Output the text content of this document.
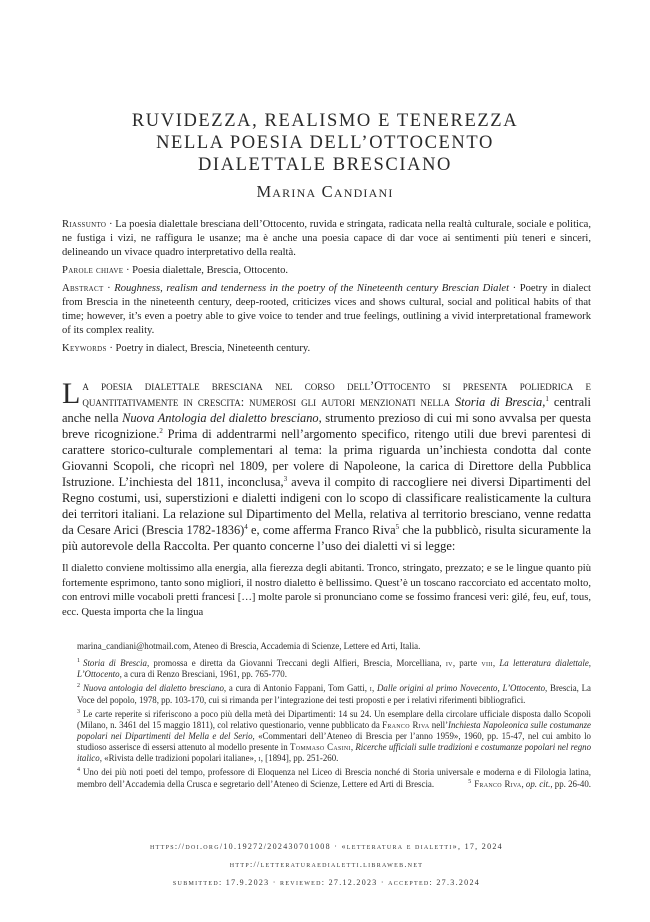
RUVIDEZZA, REALISMO E TENEREZZA
NELLA POESIA DELL’OTTOCENTO
DIALETTALE BRESCIANO
Marina Candiani

Riassunto · La poesia dialettale bresciana dell’Ottocento, ruvida e stringata, radicata nella realtà culturale, sociale e politica, ne fustiga i vizi, ne raffigura le usanze; ma è anche una poesia capace di dar voce ai sentimenti più teneri e sinceri, delineando un vivace quadro interpretativo della realtà.

Parole chiave · Poesia dialettale, Brescia, Ottocento.

Abstract · Roughness, realism and tenderness in the poetry of the Nineteenth century Brescian Dialet · Poetry in dialect from Brescia in the nineteenth century, deep-rooted, criticizes vices and shows cultural, social and political habits of that time; however, it’s even a poetry able to give voice to tender and true feelings, outlining a vivid interpretational framework of its complex reality.

Keywords · Poetry in dialect, Brescia, Nineteenth century.

La poesia dialettale bresciana nel corso dell’Ottocento si presenta poliedrica e quantitativamente in crescita: numerosi gli autori menzionati nella Storia di Brescia,$^1$ centrali anche nella Nuova Antologia del dialetto bresciano, strumento prezioso di cui mi sono avvalsa per questa breve ricognizione.$^2$ Prima di addentrarmi nell’argomento specifico, ritengo utili due brevi parentesi di carattere storico-culturale complementari al tema: la prima riguarda un’inchiesta condotta dal conte Giovanni Scopoli, che ricoprì nel 1809, per volere di Napoleone, la carica di Direttore della Pubblica Istruzione. L’inchiesta del 1811, inconclusa,$^3$ aveva il compito di raccogliere nei diversi Dipartimenti del Regno costumi, usi, superstizioni e dialetti indigeni con lo scopo di classificare realisticamente la cultura dei territori italiani. La relazione sul Dipartimento del Mella, relativa al territorio bresciano, venne redatta da Cesare Arici (Brescia 1782-1836)$^4$ e, come afferma Franco Riva$^5$ che la pubblicò, risulta sicuramente la più autorevole della Raccolta. Per quanto concerne l’uso dei dialetti vi si legge:

Il dialetto conviene moltissimo alla energia, alla fierezza degli abitanti. Tronco, stringato, prezzato; e se le lingue quanto più fortemente esprimono, tanto sono migliori, il nostro dialetto è bellissimo. Quest’è un toscano raccorciato ed accentato molto, con entrovi mille vocaboli pretti francesi […] molte parole si pronunciano come se fossimo francesi veri: gilé, feu, euf, tous, ecc. Questa importa che la lingua

marina_candiani@hotmail.com, Ateneo di Brescia, Accademia di Scienze, Lettere ed Arti, Italia.

$^1$ Storia di Brescia, promossa e diretta da Giovanni Treccani degli Alfieri, Brescia, Morcelliana, iv, parte viii, La letteratura dialettale, L’Ottocento, a cura di Renzo Bresciani, 1961, pp. 765-770.

$^2$ Nuova antologia del dialetto bresciano, a cura di Antonio Fappani, Tom Gatti, i, Dalle origini al primo Novecento, L’Ottocento, Brescia, La Voce del popolo, 1978, pp. 103-170, cui si rimanda per l’integrazione dei testi proposti e per i relativi riferimenti bibliografici.

$^3$ Le carte reperite si riferiscono a poco più della metà dei Dipartimenti: 14 su 24. Un esemplare della circolare ufficiale disposta dallo Scopoli (Milano, n. 3461 del 15 maggio 1811), col relativo questionario, venne pubblicato da Franco Riva nell’Inchiesta Napoleonica sulle costumanze popolari nei Dipartimenti del Mella e del Serio, «Commentari dell’Ateneo di Brescia per l’anno 1959», 1960, pp. 15-47, nel cui ambito lo studioso asserisce di essersi attenuto al modello presente in Tommaso Casini, Ricerche ufficiali sulle tradizioni e costumanze popolari nel regno italico, «Rivista delle tradizioni popolari italiane», i, [1894], pp. 251-260.

$^4$ Uno dei più noti poeti del tempo, professore di Eloquenza nel Liceo di Brescia nonché di Storia universale e moderna e di Filologia latina, membro dell’Accademia della Crusca e segretario dell’Ateneo di Scienze, Lettere ed Arti di Brescia.	$^5$ Franco Riva, op. cit., pp. 26-40.

https://doi.org/10.19272/202430701008 · «letteratura e dialetti», 17, 2024
http://letteraturaedialetti.libraweb.net
submitted: 17.9.2023 · reviewed: 27.12.2023 · accepted: 27.3.2024
